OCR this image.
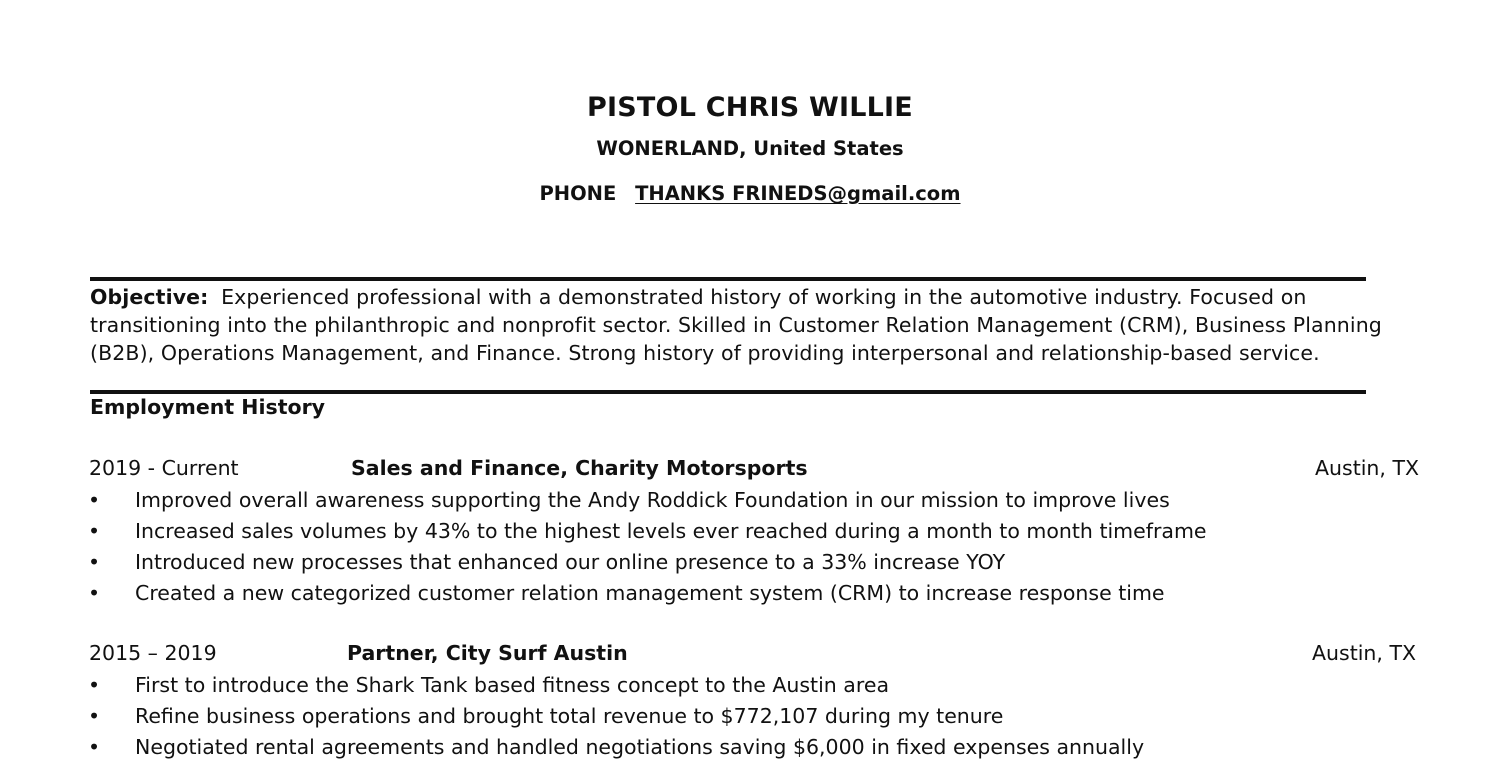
PISTOL CHRIS WILLIE
WONERLAND, United States
PHONE THANKS FRINEDS@gmail.com
Objective: Experienced professional with a demonstrated history of working in the automotive industry. Focused on transitioning into the philanthropic and nonprofit sector. Skilled in Customer Relation Management (CRM), Business Planning (B2B), Operations Management, and Finance. Strong history of providing interpersonal and relationship-based service.
Employment History
2019 - Current	Sales and Finance, Charity Motorsports	Austin, TX
• Improved overall awareness supporting the Andy Roddick Foundation in our mission to improve lives
• Increased sales volumes by 43% to the highest levels ever reached during a month to month timeframe
• Introduced new processes that enhanced our online presence to a 33% increase YOY
• Created a new categorized customer relation management system (CRM) to increase response time
2015 – 2019	Partner, City Surf Austin	Austin, TX
• First to introduce the Shark Tank based fitness concept to the Austin area
• Refine business operations and brought total revenue to $772,107 during my tenure
• Negotiated rental agreements and handled negotiations saving $6,000 in fixed expenses annually
